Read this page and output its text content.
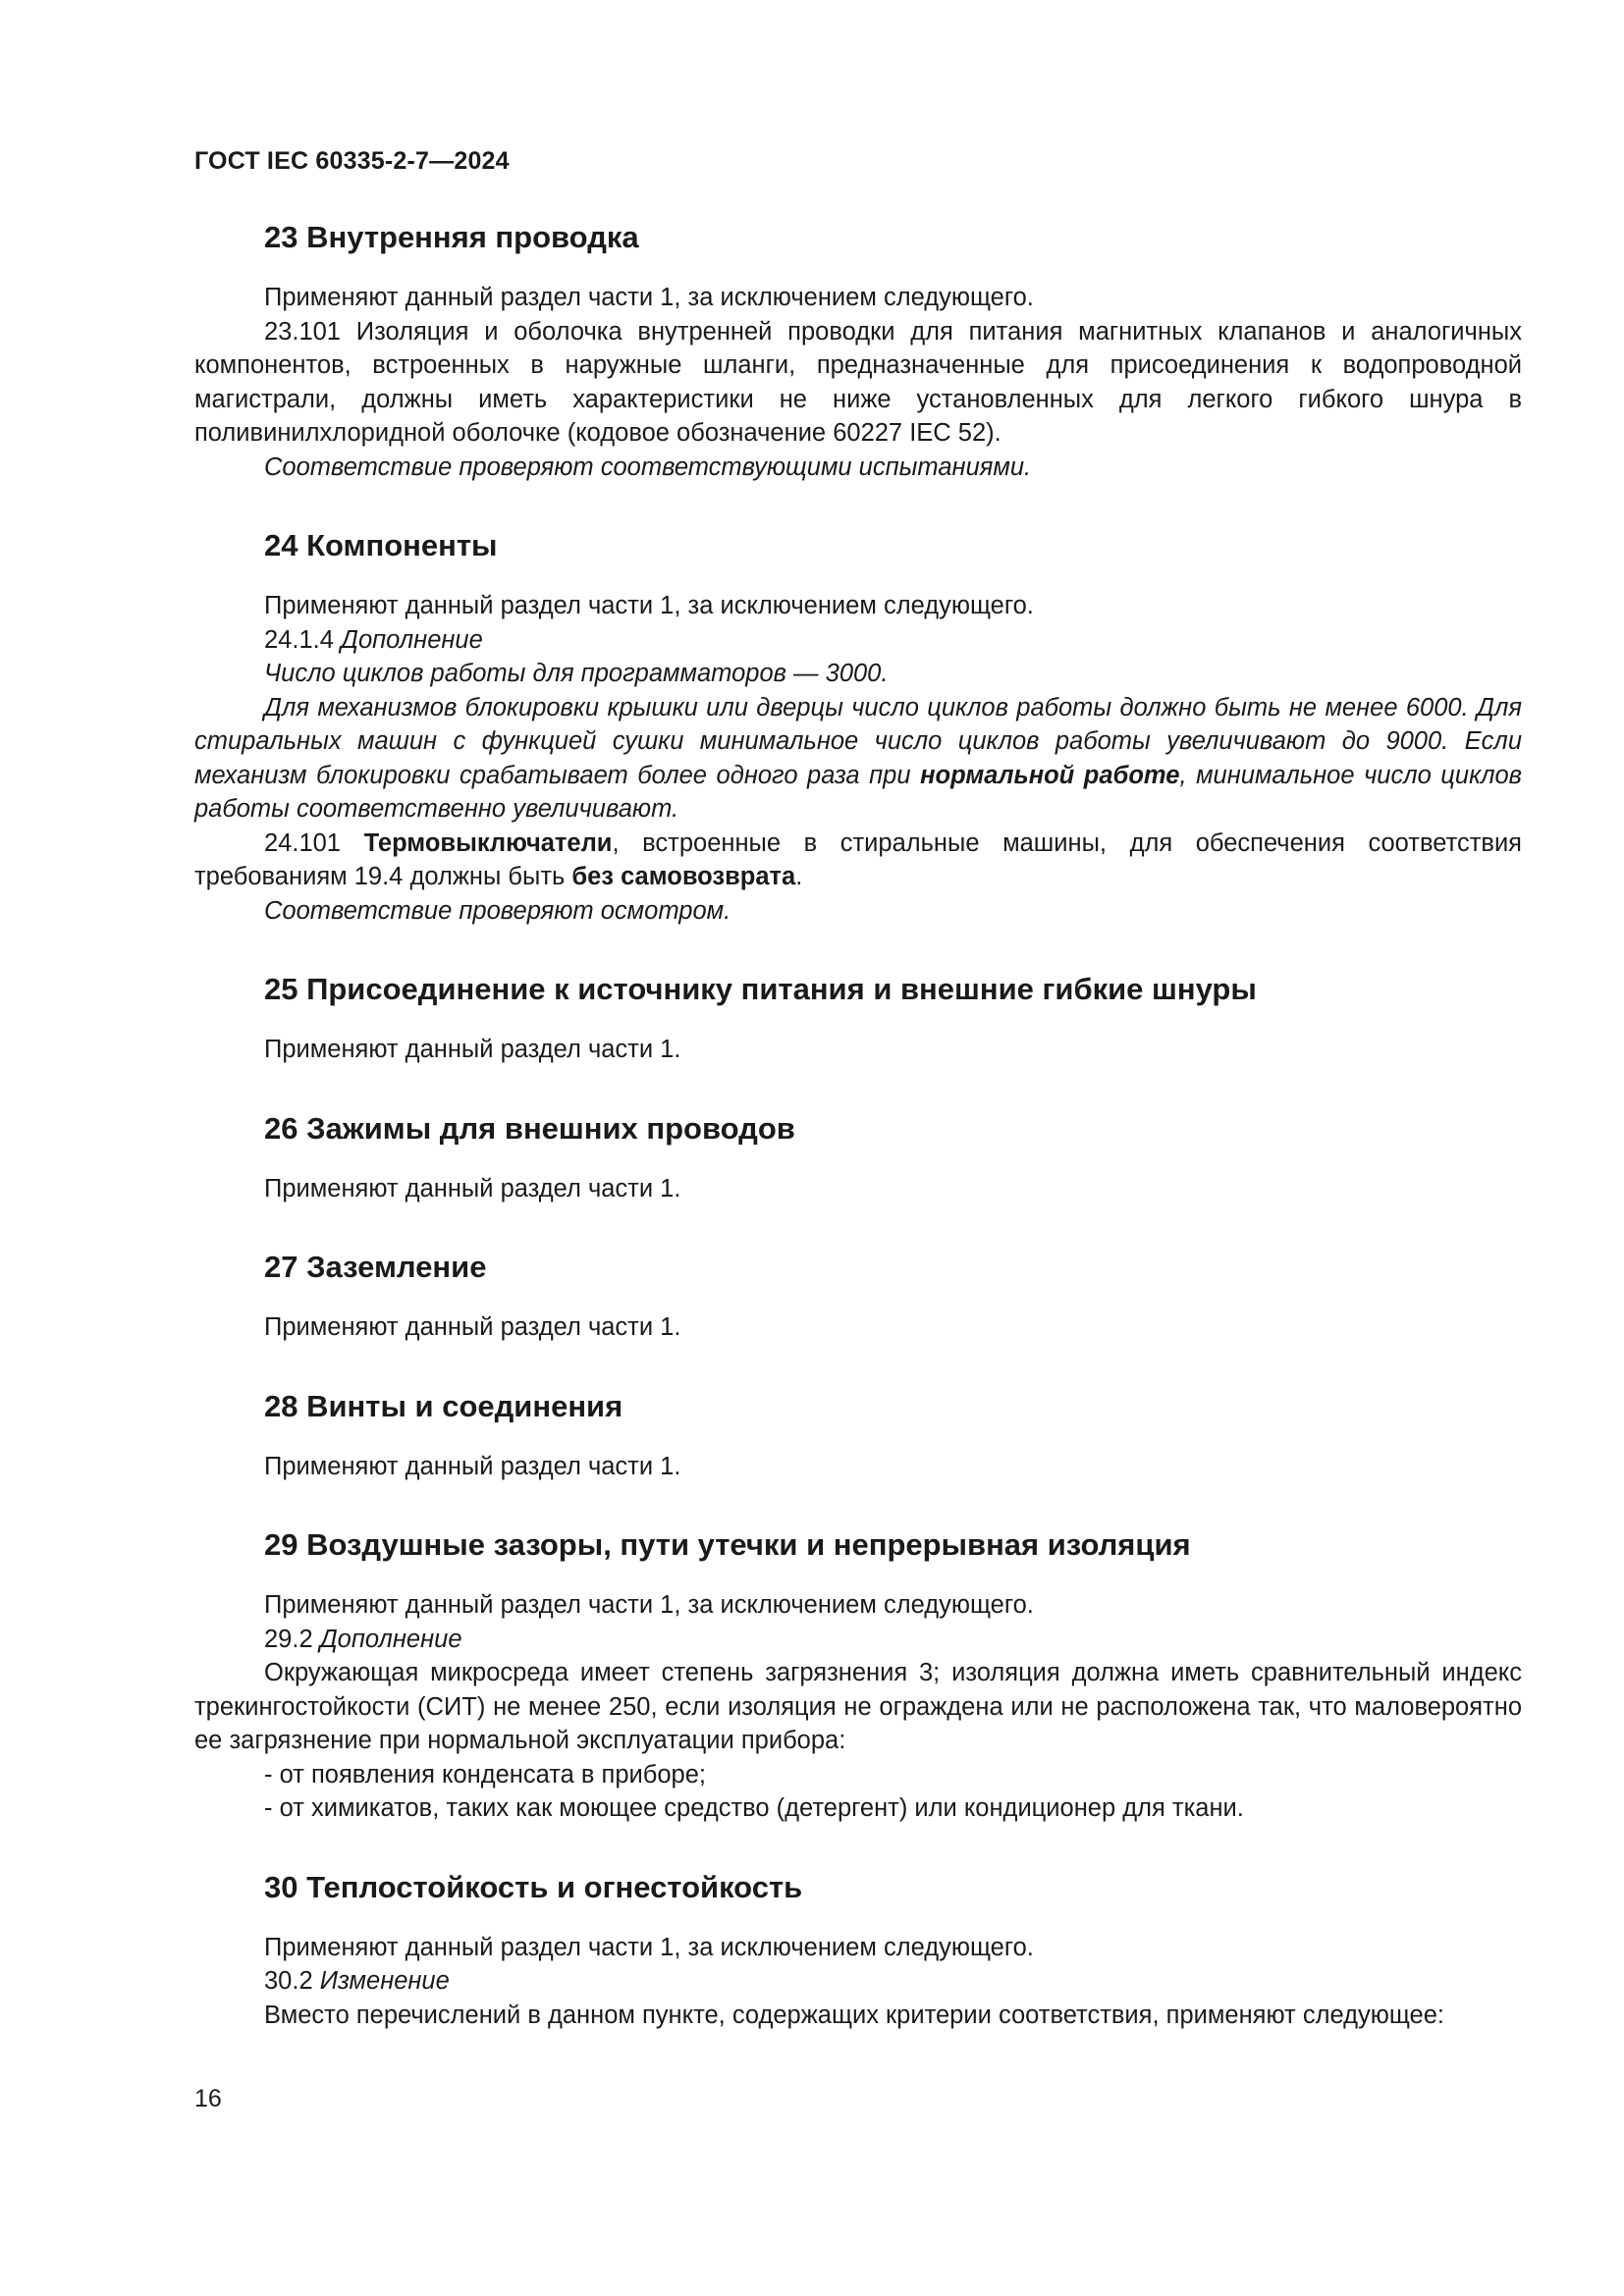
ГОСТ IEC 60335-2-7—2024
23 Внутренняя проводка

Применяют данный раздел части 1, за исключением следующего.

23.101 Изоляция и оболочка внутренней проводки для питания магнитных клапанов и аналогичных компонентов, встроенных в наружные шланги, предназначенные для присоединения к водопроводной магистрали, должны иметь характеристики не ниже установленных для легкого гибкого шнура в поливинилхлоридной оболочке (кодовое обозначение 60227 IEC 52).

Соответствие проверяют соответствующими испытаниями.

24 Компоненты

Применяют данный раздел части 1, за исключением следующего.

24.1.4 Дополнение

Число циклов работы для программаторов — 3000.

Для механизмов блокировки крышки или дверцы число циклов работы должно быть не менее 6000. Для стиральных машин с функцией сушки минимальное число циклов работы увеличивают до 9000. Если механизм блокировки срабатывает более одного раза при нормальной работе, минимальное число циклов работы соответственно увеличивают.

24.101 Термовыключатели, встроенные в стиральные машины, для обеспечения соответствия требованиям 19.4 должны быть без самовозврата.

Соответствие проверяют осмотром.

25 Присоединение к источнику питания и внешние гибкие шнуры

Применяют данный раздел части 1.

26 Зажимы для внешних проводов

Применяют данный раздел части 1.

27 Заземление

Применяют данный раздел части 1.

28 Винты и соединения

Применяют данный раздел части 1.

29 Воздушные зазоры, пути утечки и непрерывная изоляция

Применяют данный раздел части 1, за исключением следующего.

29.2 Дополнение

Окружающая микросреда имеет степень загрязнения 3; изоляция должна иметь сравнительный индекс трекингостойкости (СИТ) не менее 250, если изоляция не ограждена или не расположена так, что маловероятно ее загрязнение при нормальной эксплуатации прибора:

- от появления конденсата в приборе;

- от химикатов, таких как моющее средство (детергент) или кондиционер для ткани.

30 Теплостойкость и огнестойкость

Применяют данный раздел части 1, за исключением следующего.

30.2 Изменение

Вместо перечислений в данном пункте, содержащих критерии соответствия, применяют следующее:

16
